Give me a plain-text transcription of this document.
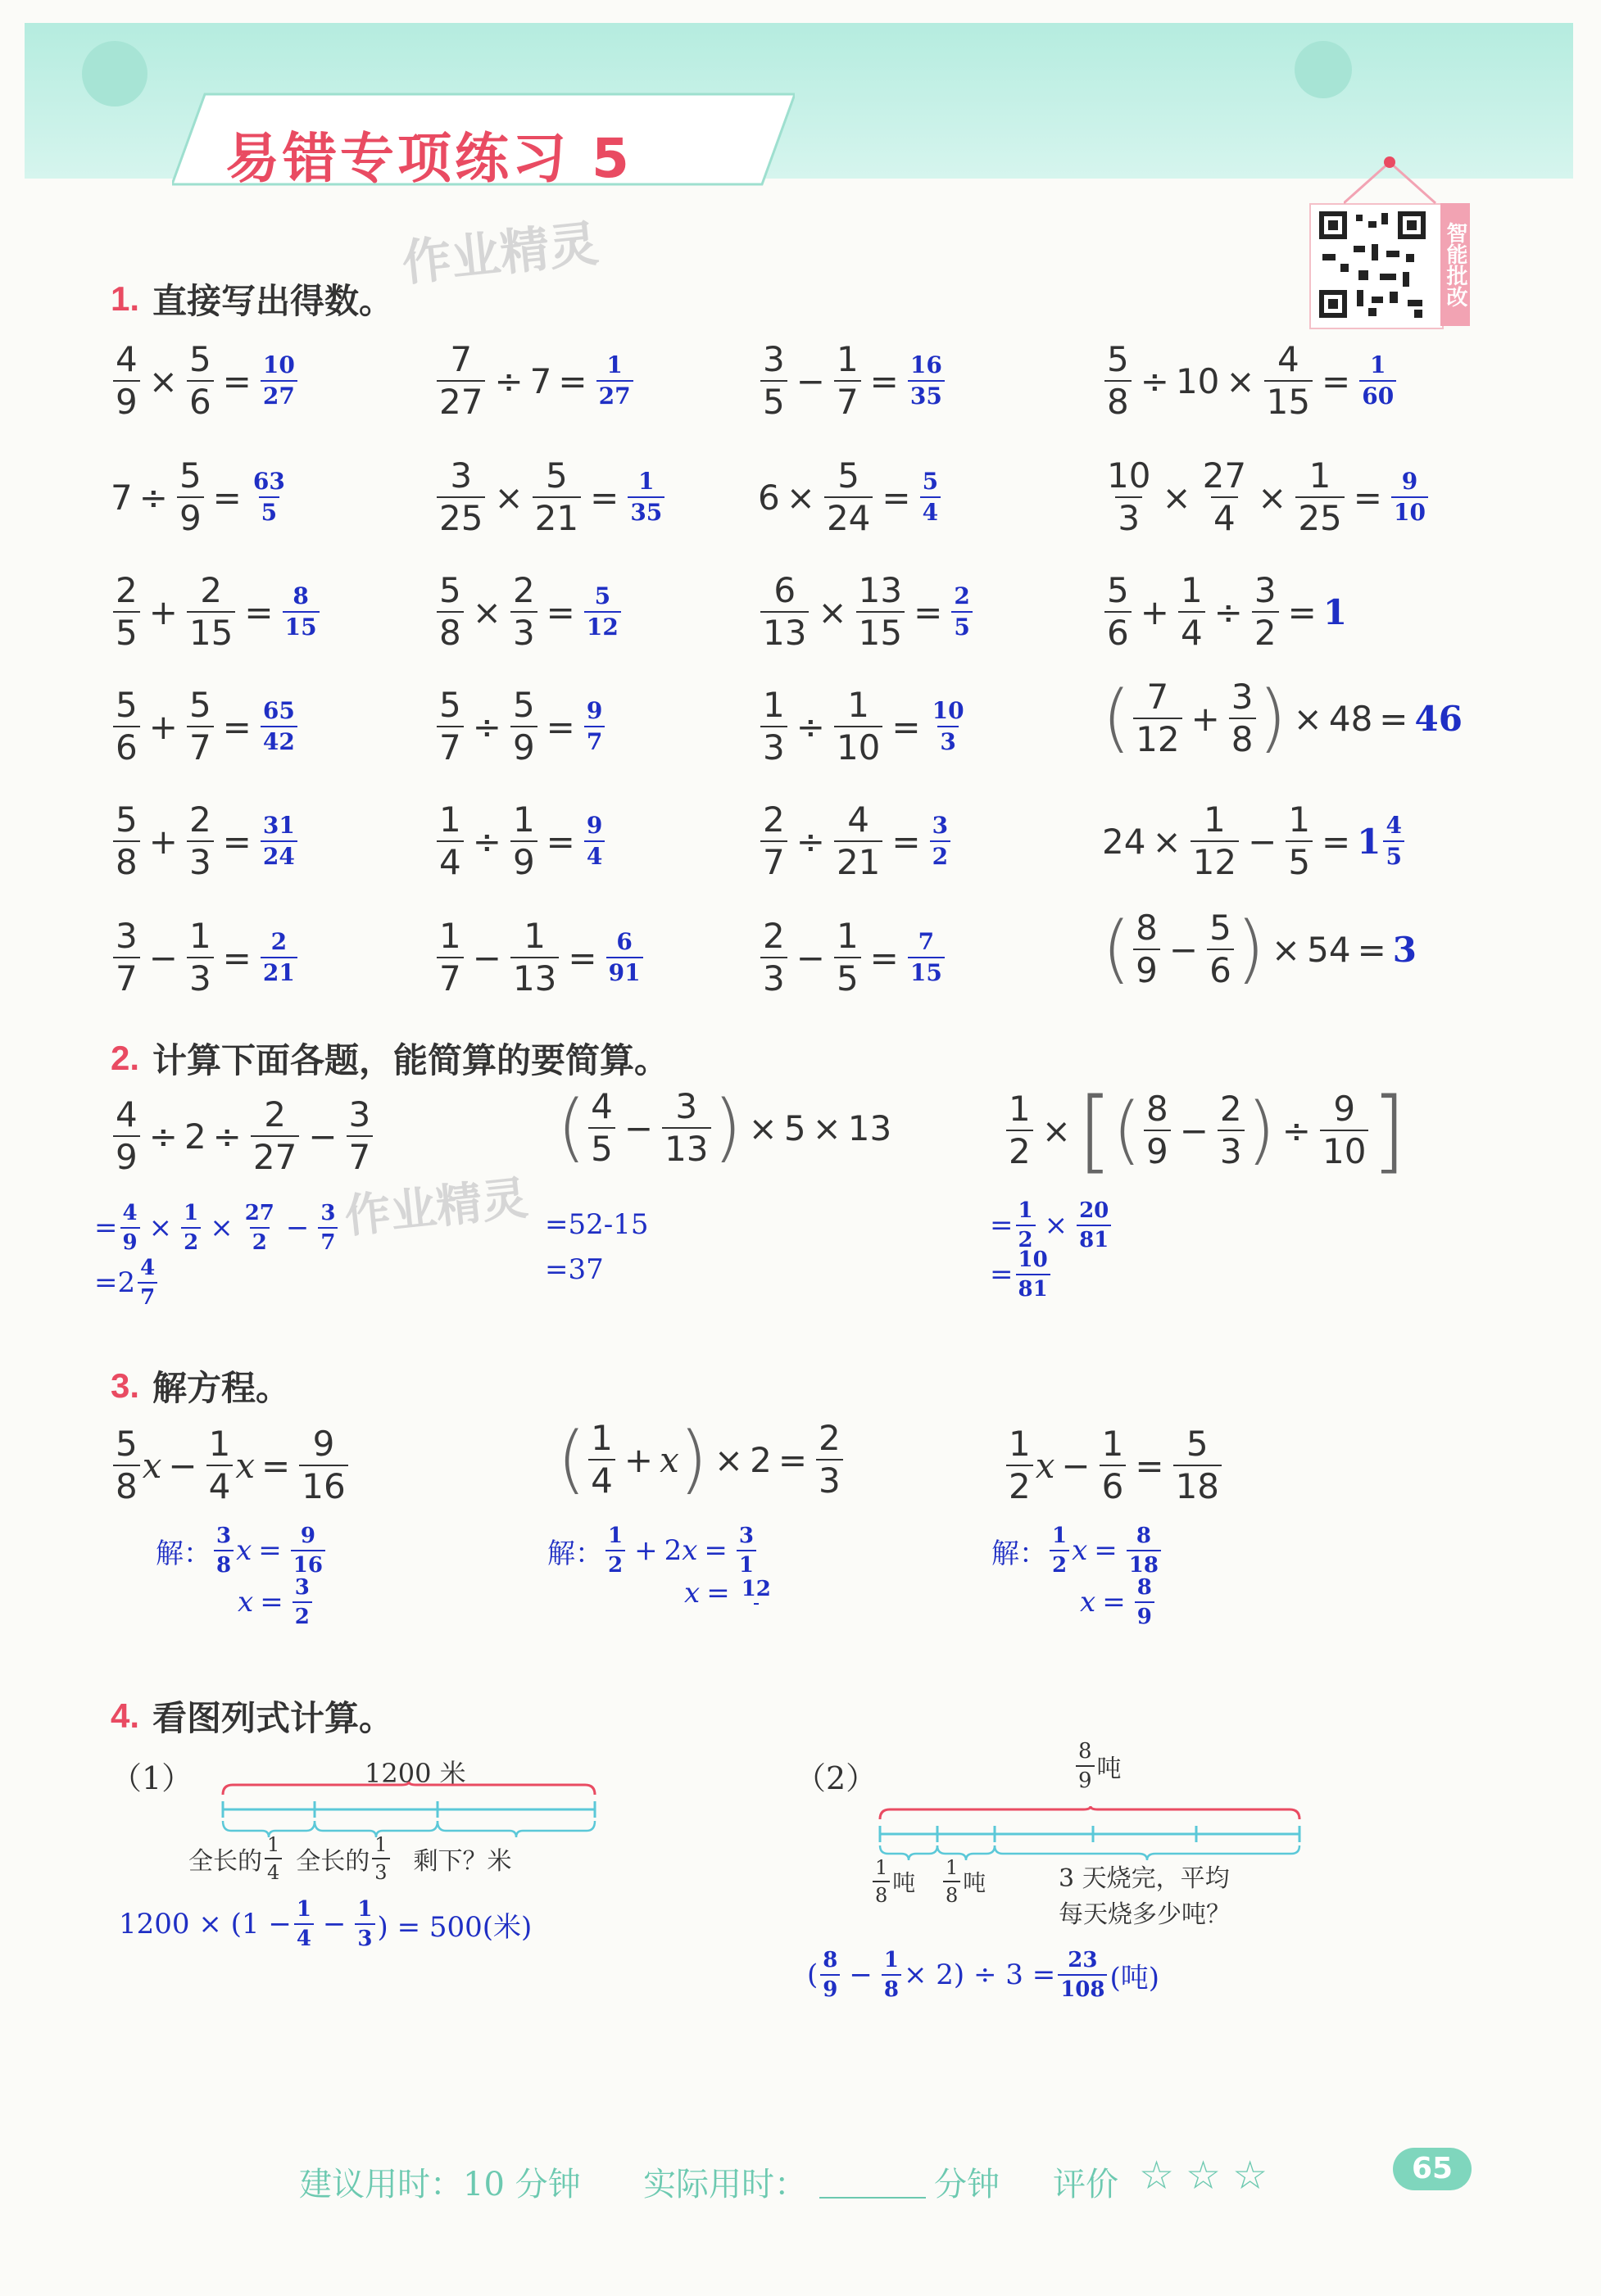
易错专项练习 5
智能批改
作业精灵
作业精灵
1. 直接写出得数。
$\frac{4}{9} \times \frac{5}{6} = \frac{10}{27}$	$\frac{7}{27} \div 7 = \frac{1}{27}$	$\frac{3}{5} - \frac{1}{7} = \frac{16}{35}$	$\frac{5}{8} \div 10 \times \frac{4}{15} = \frac{1}{60}$
$7 \div \frac{5}{9} = \frac{63}{5}$	$\frac{3}{25} \times \frac{5}{21} = \frac{1}{35}$	$6 \times \frac{5}{24} = \frac{5}{4}$	$\frac{10}{3} \times \frac{27}{4} \times \frac{1}{25} = \frac{9}{10}$
$\frac{2}{5} + \frac{2}{15} = \frac{8}{15}$	$\frac{5}{8} \times \frac{2}{3} = \frac{5}{12}$	$\frac{6}{13} \times \frac{13}{15} = \frac{2}{5}$	$\frac{5}{6} + \frac{1}{4} \div \frac{3}{2} = 1$
$\frac{5}{6} + \frac{5}{7} = \frac{65}{42}$	$\frac{5}{7} \div \frac{5}{9} = \frac{9}{7}$	$\frac{1}{3} \div \frac{1}{10} = \frac{10}{3}$ ( $\frac{7}{12} + \frac{3}{8}$ ) × 48 = 46
$\frac{5}{8} + \frac{2}{3} = \frac{31}{24}$	$\frac{1}{4} \div \frac{1}{9} = \frac{9}{4}$	$\frac{2}{7} \div \frac{4}{21} = \frac{3}{2}$	$24 \times \frac{1}{12} - \frac{1}{5} = 1 \frac{4}{5}$
$\frac{3}{7} - \frac{1}{3} = \frac{2}{21}$	$\frac{1}{7} - \frac{1}{13} = \frac{6}{91}$	$\frac{2}{3} - \frac{1}{5} = \frac{7}{15}$ ( $\frac{8}{9} - \frac{5}{6}$ ) × 54 = 3
2. 计算下面各题，能简算的要简算。
$\frac{4}{9} \div 2 \div \frac{2}{27} - \frac{3}{7}$
= $\frac{4}{9} \times \frac{1}{2} \times \frac{27}{2} - \frac{3}{7}$
= $2 \frac{4}{7}$
( $\frac{4}{5} - \frac{3}{13}$ ) × 5 × 13
=52-15
=37
$\frac{1}{2}$ × [ ( $\frac{8}{9} - \frac{2}{3}$ ) ÷ $\frac{9}{10}$ ]
= $\frac{1}{2} \times \frac{20}{81}$
= $\frac{10}{81}$
3. 解方程。
$\frac{5}{8}$ $x - \frac{1}{4}$ $x = \frac{9}{16}$
解： $\frac{3}{8}$ $x = \frac{9}{16}$
$x = \frac{3}{2}$
( $\frac{1}{4} + x$ ) × $2 = \frac{2}{3}$
解： $\frac{1}{2} + 2$ $x = \frac{3}{1}$
x = 12
$\frac{1}{2}$ $x - \frac{1}{6} = \frac{5}{18}$
解： $\frac{1}{2}$ $x = \frac{8}{18}$
$x = \frac{8}{9}$
4. 看图列式计算。
（1）	1200 米
全长的 $\frac{1}{4}$ 全长的 $\frac{1}{3}$ 剩下？米
$1200 \times (1 - \frac{1}{4} - \frac{1}{3}$ ) = 500(米)
（2）	$\frac{8}{9}$ 吨
$\frac{1}{8}$ 吨 $\frac{1}{8}$ 吨	3 天烧完，平均
每天烧多少吨？
( $\frac{8}{9} - \frac{1}{8} \times 2) \div 3 = \frac{23}{108}$ (吨)
建议用时：10 分钟 实际用时：	分钟 评价 ☆☆☆	65
